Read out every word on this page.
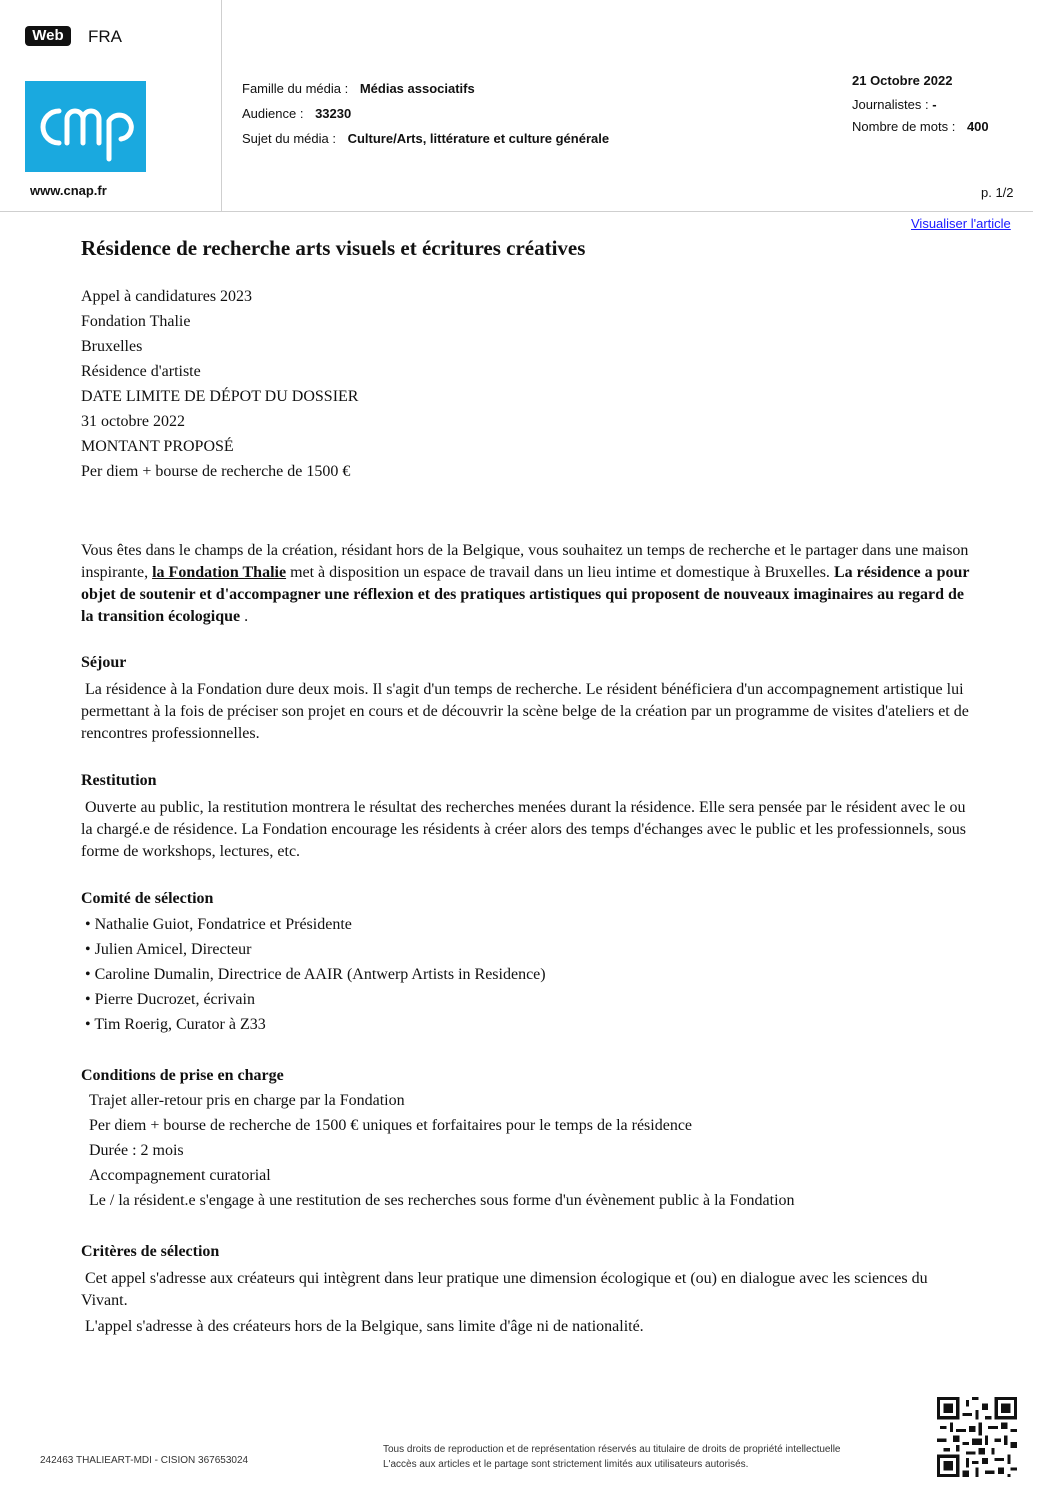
Web	FRA
www.cnap.fr
Famille du média : Médias associatifs
Audience : 33230
Sujet du média : Culture/Arts, littérature et culture générale
21 Octobre 2022
Journalistes : -
Nombre de mots : 400
p. 1/2
Visualiser l'article
Résidence de recherche arts visuels et écritures créatives
Appel à candidatures 2023
Fondation Thalie
Bruxelles
Résidence d'artiste
DATE LIMITE DE DÉPOT DU DOSSIER
31 octobre 2022
MONTANT PROPOSÉ
Per diem + bourse de recherche de 1500 €
Vous êtes dans le champs de la création, résidant hors de la Belgique, vous souhaitez un temps de recherche et le partager dans une maison inspirante, la Fondation Thalie met à disposition un espace de travail dans un lieu intime et domestique à Bruxelles. La résidence a pour objet de soutenir et d'accompagner une réflexion et des pratiques artistiques qui proposent de nouveaux imaginaires au regard de la transition écologique .
Séjour
La résidence à la Fondation dure deux mois. Il s'agit d'un temps de recherche. Le résident bénéficiera d'un accompagnement artistique lui permettant à la fois de préciser son projet en cours et de découvrir la scène belge de la création par un programme de visites d'ateliers et de rencontres professionnelles.
Restitution
Ouverte au public, la restitution montrera le résultat des recherches menées durant la résidence. Elle sera pensée par le résident avec le ou la chargé.e de résidence. La Fondation encourage les résidents à créer alors des temps d'échanges avec le public et les professionnels, sous forme de workshops, lectures, etc.
Comité de sélection
• Nathalie Guiot, Fondatrice et Présidente
• Julien Amicel, Directeur
• Caroline Dumalin, Directrice de AAIR (Antwerp Artists in Residence)
• Pierre Ducrozet, écrivain
• Tim Roerig, Curator à Z33
Conditions de prise en charge
Trajet aller-retour pris en charge par la Fondation
Per diem + bourse de recherche de 1500 € uniques et forfaitaires pour le temps de la résidence
Durée : 2 mois
Accompagnement curatorial
Le / la résident.e s'engage à une restitution de ses recherches sous forme d'un évènement public à la Fondation
Critères de sélection
Cet appel s'adresse aux créateurs qui intègrent dans leur pratique une dimension écologique et (ou) en dialogue avec les sciences du Vivant.
L'appel s'adresse à des créateurs hors de la Belgique, sans limite d'âge ni de nationalité.
242463 THALIEART-MDI - CISION 367653024
Tous droits de reproduction et de représentation réservés au titulaire de droits de propriété intellectuelle
L'accès aux articles et le partage sont strictement limités aux utilisateurs autorisés.
